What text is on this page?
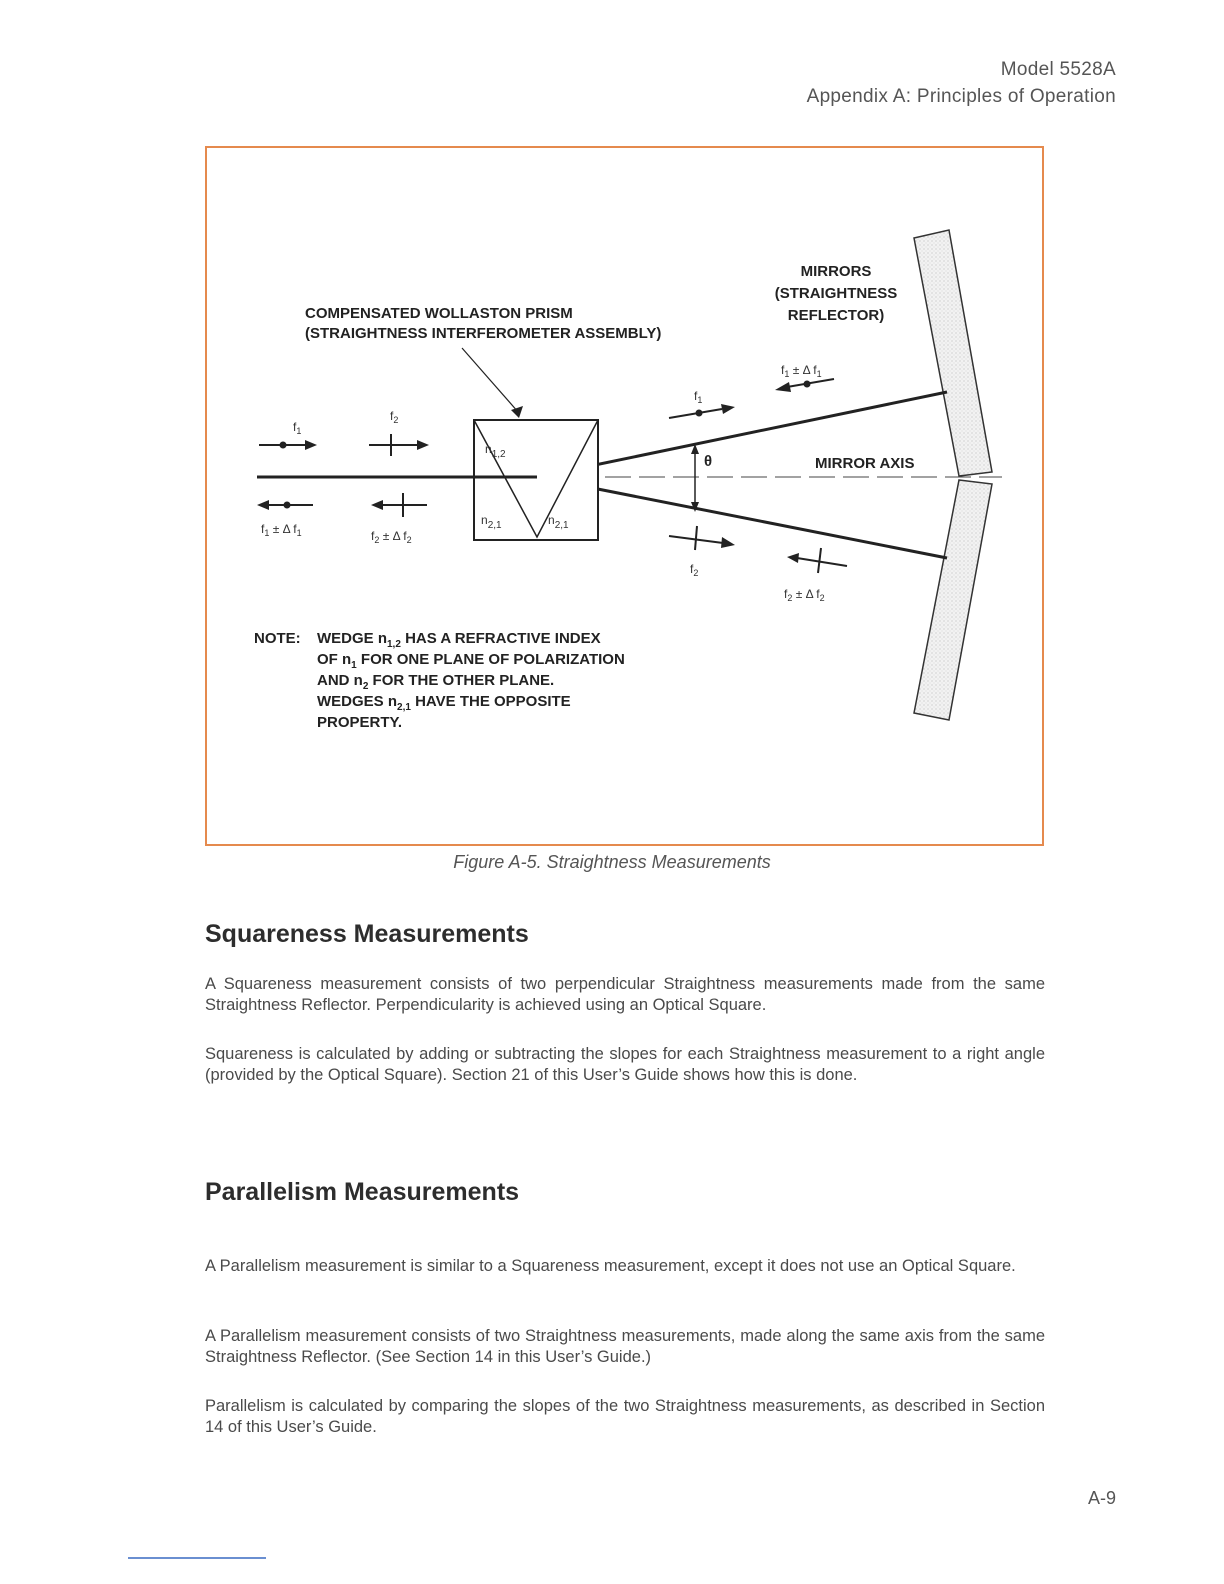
Model 5528A
Appendix A: Principles of Operation
COMPENSATED WOLLASTON PRISM
(STRAIGHTNESS INTERFEROMETER ASSEMBLY)
MIRRORS
(STRAIGHTNESS
REFLECTOR)
MIRROR AXIS
θ
$n_{1,2}$
$n_{2,1}$	$n_{2,1}$
$f_1$
$f_2$
$f_1 \pm \Delta$ $f_1$	$f_2 \pm \Delta$ $f_2$
$f_1$
$f_2$
$f_1 \pm \Delta$ $f_1$
$f_2 \pm \Delta$ $f_2$
NOTE: WEDGE $n_{1,2}$ HAS A REFRACTIVE INDEX
OF $n_1$ FOR ONE PLANE OF POLARIZATION
AND $n_2$ FOR THE OTHER PLANE.
WEDGES $n_{2,1}$ HAVE THE OPPOSITE
PROPERTY.
Figure A-5. Straightness Measurements
Squareness Measurements

A Squareness measurement consists of two perpendicular Straightness measurements made from the same Straightness Reflector. Perpendicularity is achieved using an Optical Square.

Squareness is calculated by adding or subtracting the slopes for each Straightness measurement to a right angle (provided by the Optical Square). Section 21 of this User’s Guide shows how this is done.

Parallelism Measurements

A Parallelism measurement is similar to a Squareness measurement, except it does not use an Optical Square.

A Parallelism measurement consists of two Straightness measurements, made along the same axis from the same Straightness Reflector. (See Section 14 in this User’s Guide.)

Parallelism is calculated by comparing the slopes of the two Straightness measurements, as described in Section 14 of this User’s Guide.

A-9
